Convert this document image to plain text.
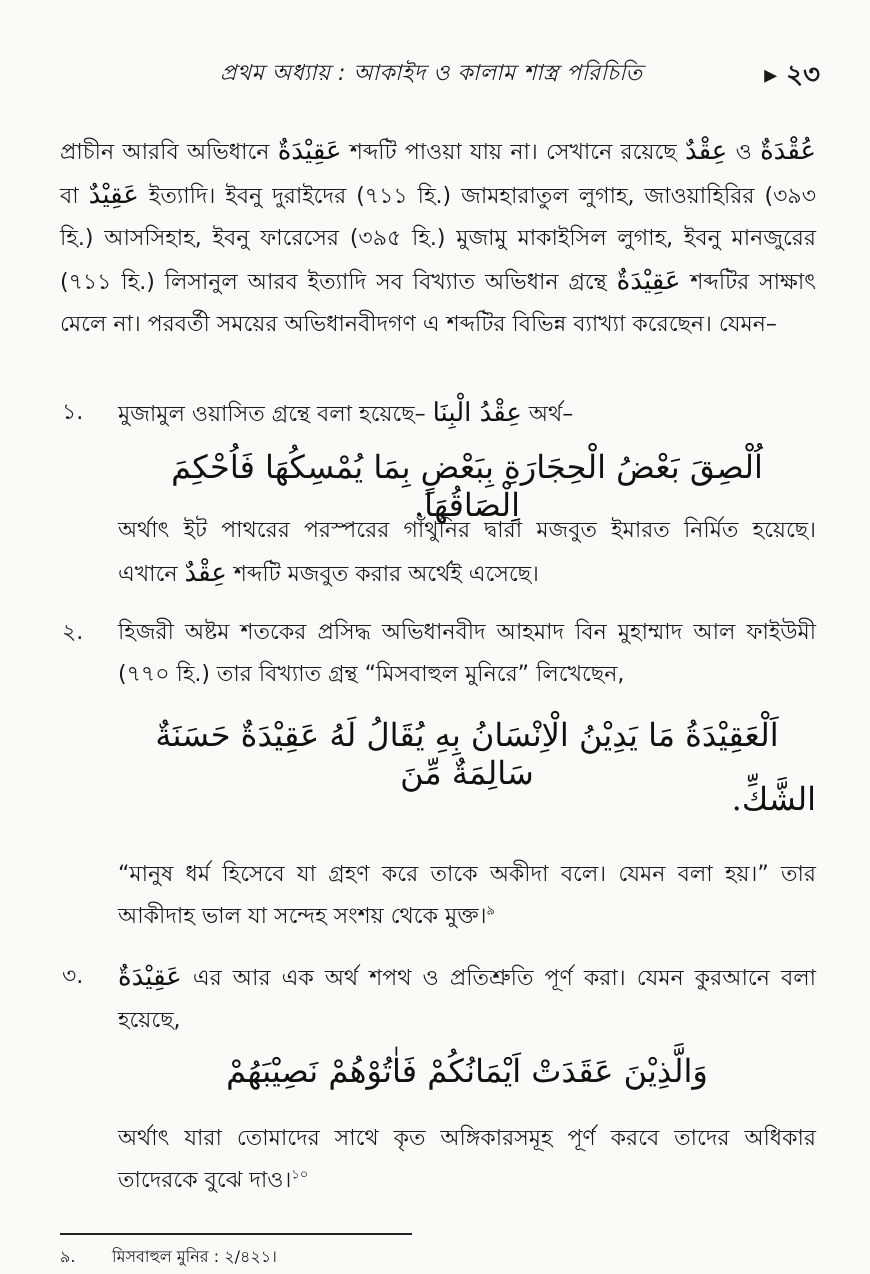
প্রথম অধ্যায় : আকাইদ ও কালাম শাস্ত্র পরিচিতি	▸ ২৩

প্রাচীন আরবি অভিধানে عَقِيْدَةٌ শব্দটি পাওয়া যায় না। সেখানে রয়েছে عِقْدٌ ও عُقْدَةٌ বা عَقِيْدٌ ইত্যাদি। ইবনু দুরাইদের (৭১১ হি.) জামহারাতুল লুগাহ, জাওয়াহিরির (৩৯৩ হি.) আসসিহাহ, ইবনু ফারেসের (৩৯৫ হি.) মুজামু মাকাইসিল লুগাহ, ইবনু মানজুরের (৭১১ হি.) লিসানুল আরব ইত্যাদি সব বিখ্যাত অভিধান গ্রন্থে عَقِيْدَةٌ শব্দটির সাক্ষাৎ মেলে না। পরবর্তী সময়ের অভিধানবীদগণ এ শব্দটির বিভিন্ন ব্যাখ্যা করেছেন। যেমন–

১. মুজামুল ওয়াসিত গ্রন্থে বলা হয়েছে– عِقْدُ الْبِنَا অর্থ–

اُلْصِقَ بَعْضُ الْحِجَارَةِ بِبَعْضٍ بِمَا يُمْسِكُهَا فَاُحْكِمَ اِلْصَاقُهَا.

অর্থাৎ ইট পাথরের পরস্পরের গাঁথুনির দ্বারা মজবুত ইমারত নির্মিত হয়েছে। এখানে عِقْدٌ শব্দটি মজবুত করার অর্থেই এসেছে।

২. হিজরী অষ্টম শতকের প্রসিদ্ধ অভিধানবীদ আহমাদ বিন মুহাম্মাদ আল ফাইউমী (৭৭০ হি.) তার বিখ্যাত গ্রন্থ “মিসবাহুল মুনিরে” লিখেছেন,

اَلْعَقِيْدَةُ مَا يَدِيْنُ الْاِنْسَانُ بِهِ يُقَالُ لَهُ عَقِيْدَةٌ حَسَنَةٌ سَالِمَةٌ مِّنَ
الشَّكِّ.

“মানুষ ধর্ম হিসেবে যা গ্রহণ করে তাকে অকীদা বলে। যেমন বলা হয়।” তার আকীদাহ ভাল যা সন্দেহ সংশয় থেকে মুক্ত।$^৯$

৩. عَقِيْدَةٌ এর আর এক অর্থ শপথ ও প্রতিশ্রুতি পূর্ণ করা। যেমন কুরআনে বলা হয়েছে,

وَالَّذِيْنَ عَقَدَتْ اَيْمَانُكُمْ فَاٰتُوْهُمْ نَصِيْبَهُمْ

অর্থাৎ যারা তোমাদের সাথে কৃত অঙ্গিকারসমূহ পূর্ণ করবে তাদের অধিকার তাদেরকে বুঝে দাও।$^{১০}$

৯. মিসবাহুল মুনির : ২/৪২১।
